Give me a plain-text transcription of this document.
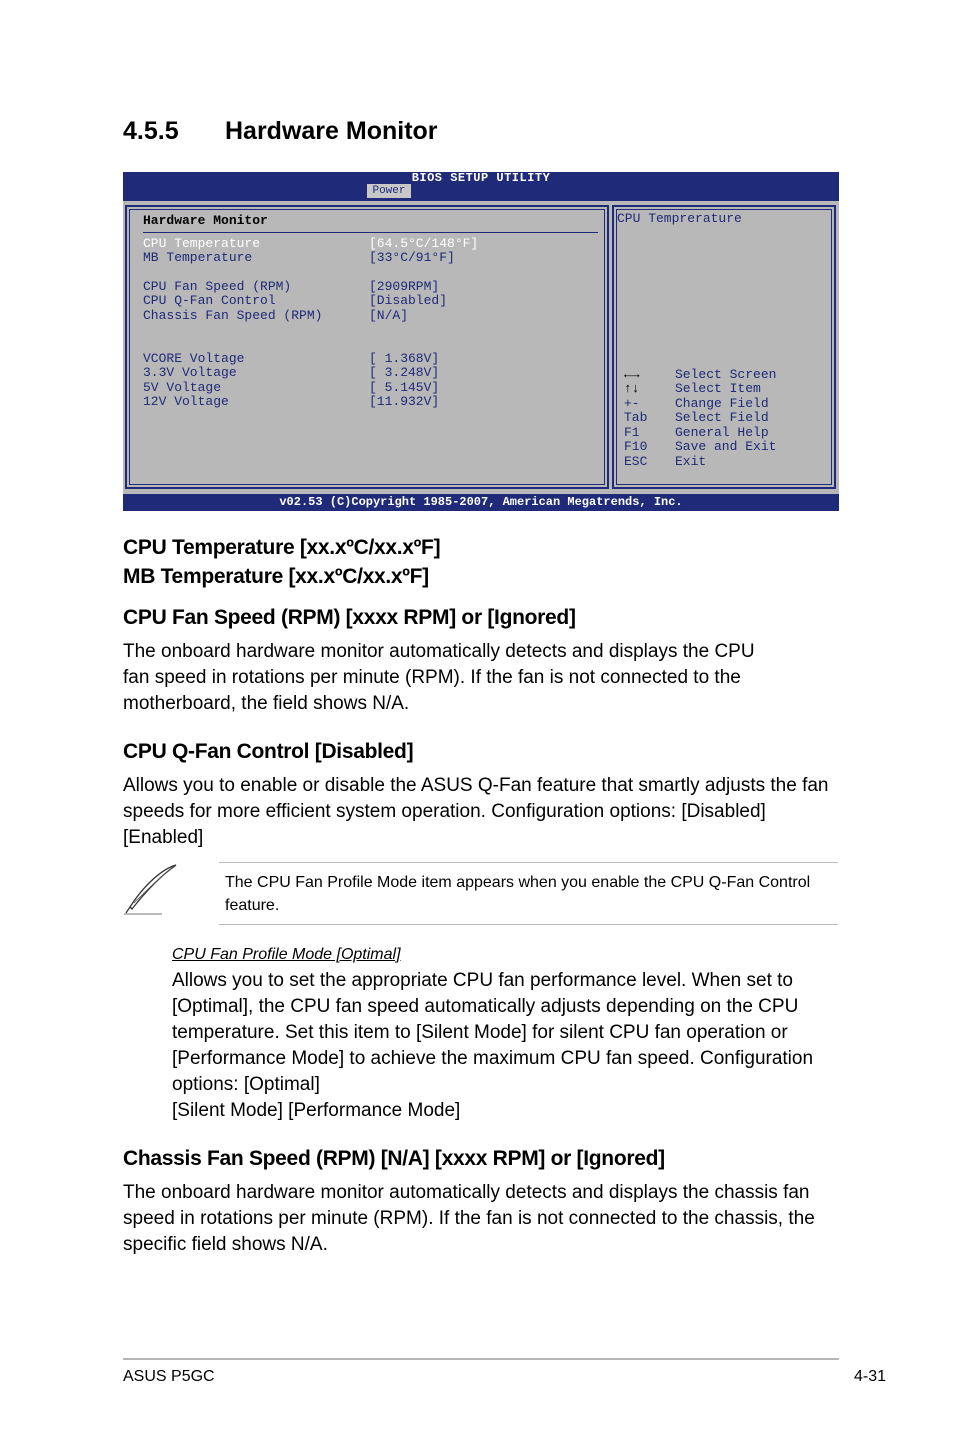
4.5.5 Hardware Monitor
BIOS SETUP UTILITY
Power
Hardware Monitor
CPU Temperature	[64.5°C/148°F]
MB Temperature	[33°C/91°F]
CPU Fan Speed (RPM)	[2909RPM]
CPU Q-Fan Control	[Disabled]
Chassis Fan Speed (RPM)	[N/A]
VCORE Voltage	[ 1.368V]
3.3V Voltage	[ 3.248V]
5V Voltage	[ 5.145V]
12V Voltage	[11.932V]
CPU Temprerature
←→	Select Screen
↑↓	Select Item
+-	Change Field
Tab Select Field
F1	General Help
F10 Save and Exit
ESC Exit
v02.53 (C)Copyright 1985-2007, American Megatrends, Inc.
CPU Temperature [xx.xºC/xx.xºF]
MB Temperature [xx.xºC/xx.xºF]
CPU Fan Speed (RPM) [xxxx RPM] or [Ignored]

The onboard hardware monitor automatically detects and displays the CPU fan speed in rotations per minute (RPM). If the fan is not connected to the motherboard, the field shows N/A.

CPU Q-Fan Control [Disabled]

Allows you to enable or disable the ASUS Q-Fan feature that smartly adjusts the fan speeds for more efficient system operation. Configuration options: [Disabled] [Enabled]

The CPU Fan Profile Mode item appears when you enable the CPU Q-Fan Control feature.
CPU Fan Profile Mode [Optimal]
Allows you to set the appropriate CPU fan performance level. When set to [Optimal], the CPU fan speed automatically adjusts depending on the CPU temperature. Set this item to [Silent Mode] for silent CPU fan operation or [Performance Mode] to achieve the maximum CPU fan speed. Configuration options: [Optimal]
[Silent Mode] [Performance Mode]
Chassis Fan Speed (RPM) [N/A] [xxxx RPM] or [Ignored]

The onboard hardware monitor automatically detects and displays the chassis fan speed in rotations per minute (RPM). If the fan is not connected to the chassis, the specific field shows N/A.

ASUS P5GC	4-31
